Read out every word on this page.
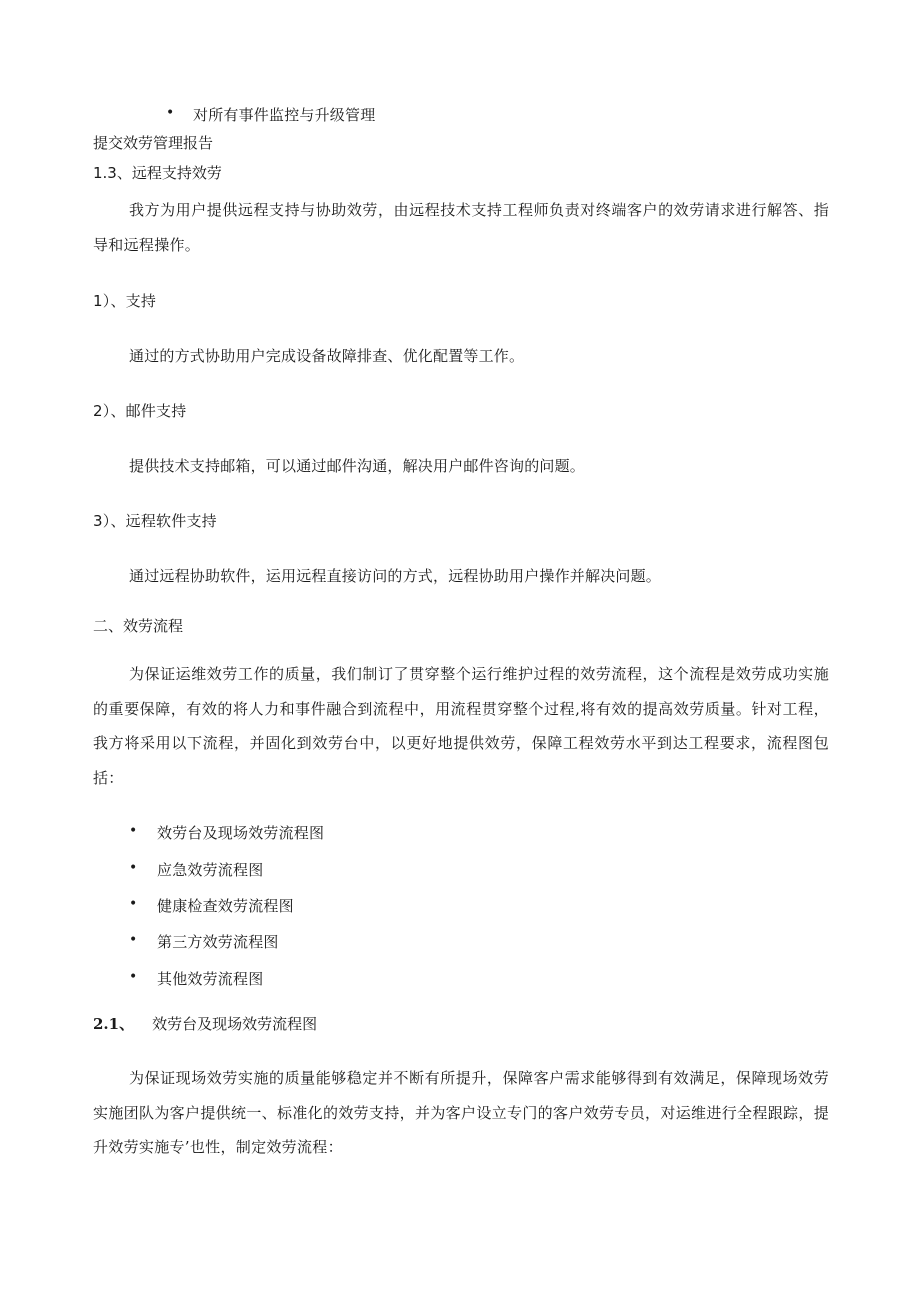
• 对所有事件监控与升级管理
提交效劳管理报告
1.3、远程支持效劳
我方为用户提供远程支持与协助效劳，由远程技术支持工程师负责对终端客户的效劳请求进行解答、指导和远程操作。
1）、支持
通过的方式协助用户完成设备故障排查、优化配置等工作。
2）、邮件支持
提供技术支持邮箱，可以通过邮件沟通，解决用户邮件咨询的问题。
3）、远程软件支持
通过远程协助软件，运用远程直接访问的方式，远程协助用户操作并解决问题。
二、效劳流程
为保证运维效劳工作的质量，我们制订了贯穿整个运行维护过程的效劳流程，这个流程是效劳成功实施的重要保障，有效的将人力和事件融合到流程中，用流程贯穿整个过程,将有效的提高效劳质量。针对工程，我方将采用以下流程，并固化到效劳台中，以更好地提供效劳，保障工程效劳水平到达工程要求，流程图包括：
• 效劳台及现场效劳流程图
• 应急效劳流程图
• 健康检查效劳流程图
• 第三方效劳流程图
• 其他效劳流程图
2.1、 效劳台及现场效劳流程图
为保证现场效劳实施的质量能够稳定并不断有所提升，保障客户需求能够得到有效满足，保障现场效劳实施团队为客户提供统一、标准化的效劳支持，并为客户设立专门的客户效劳专员，对运维进行全程跟踪，提升效劳实施专’也性，制定效劳流程：
